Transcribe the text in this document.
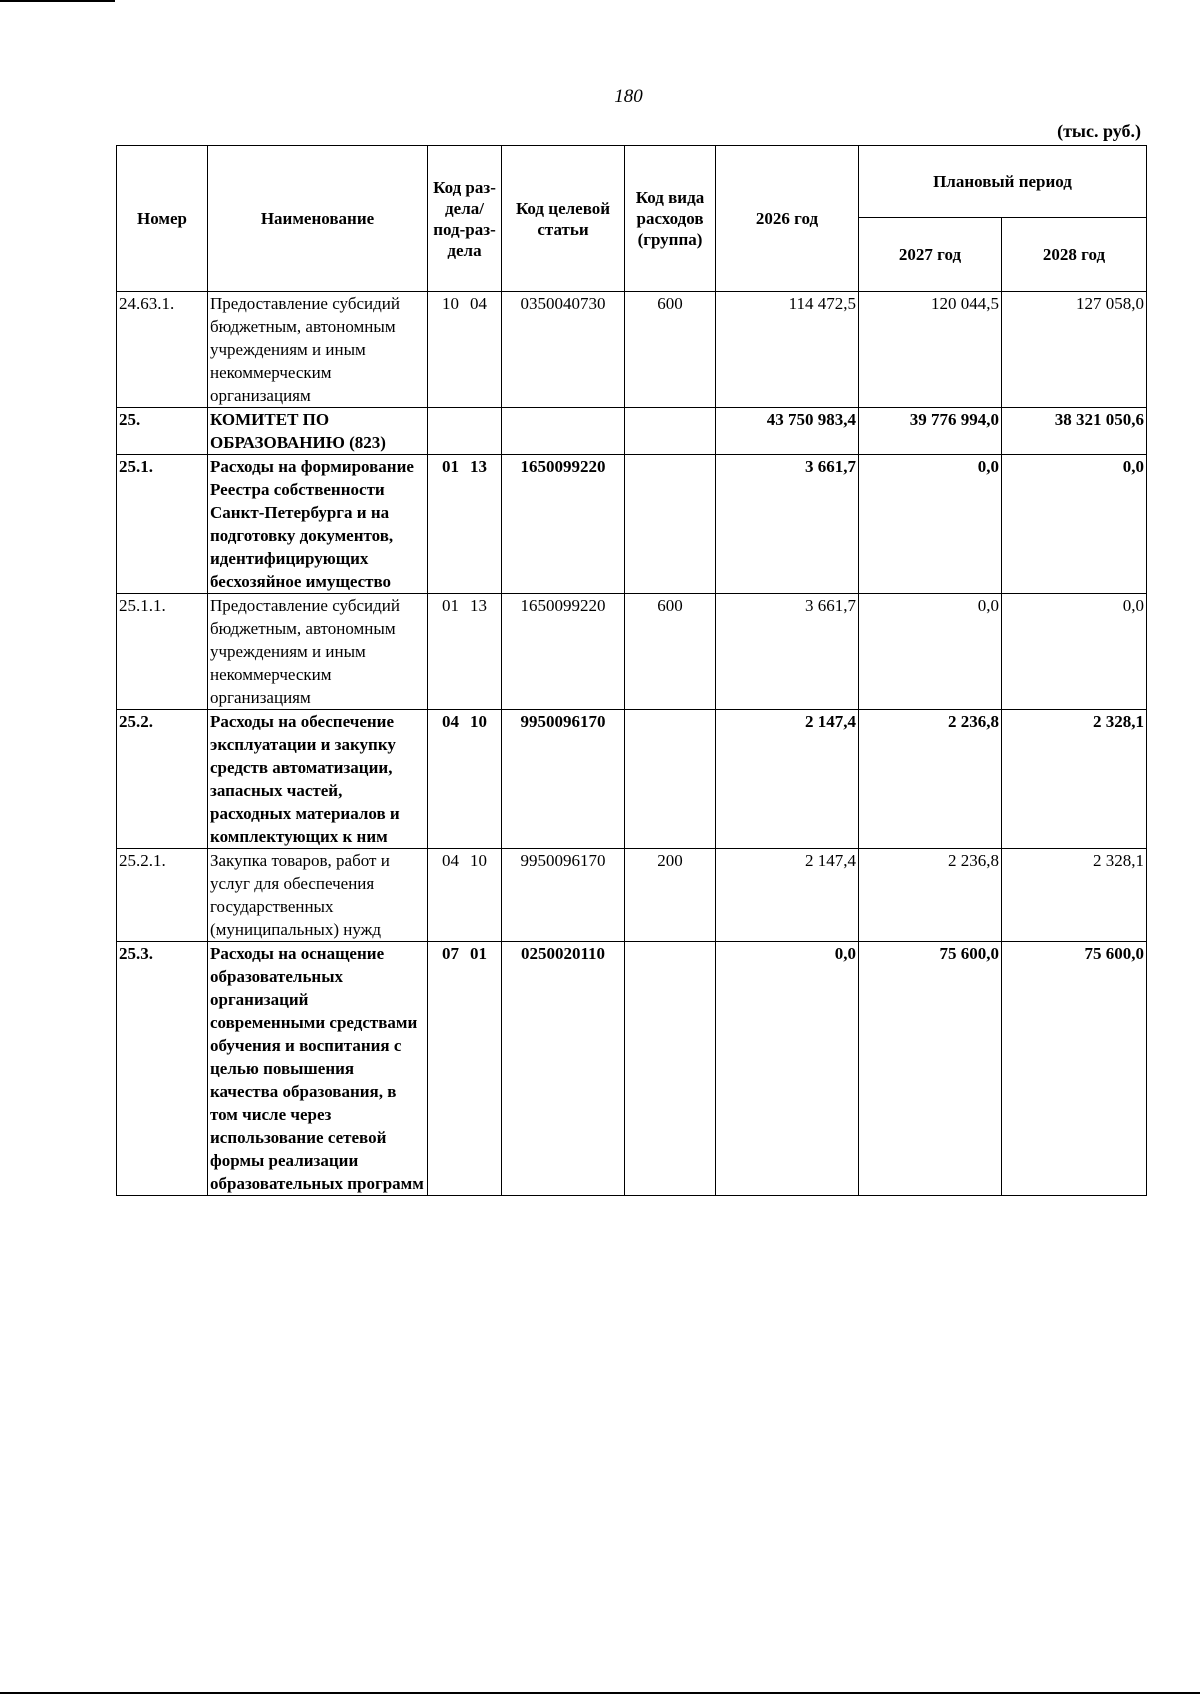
180
(тыс. руб.)
Номер	Наименование	Код раз-дела/ под-раз-дела	Код целевой статьи	Код вида расходов (группа)	2026 год	Плановый период	
						2027 год	2028 год
24.63.1.	Предоставление субсидий бюджетным, автономным учреждениям и иным некоммерческим организациям	10 04	0350040730	600	114 472,5	120 044,5	127 058,0
25.	КОМИТЕТ ПО ОБРАЗОВАНИЮ (823)				43 750 983,4	39 776 994,0	38 321 050,6
25.1.	Расходы на формирование Реестра собственности Санкт-Петербурга и на подготовку документов, идентифицирующих бесхозяйное имущество	01 13	1650099220		3 661,7	0,0	0,0
25.1.1.	Предоставление субсидий бюджетным, автономным учреждениям и иным некоммерческим организациям	01 13	1650099220	600	3 661,7	0,0	0,0
25.2.	Расходы на обеспечение эксплуатации и закупку средств автоматизации, запасных частей, расходных материалов и комплектующих к ним	04 10	9950096170		2 147,4	2 236,8	2 328,1
25.2.1.	Закупка товаров, работ и услуг для обеспечения государственных (муниципальных) нужд	04 10	9950096170	200	2 147,4	2 236,8	2 328,1
25.3.	Расходы на оснащение образовательных организаций современными средствами обучения и воспитания с целью повышения качества образования, в том числе через использование сетевой формы реализации образовательных программ	07 01	0250020110		0,0	75 600,0	75 600,0
